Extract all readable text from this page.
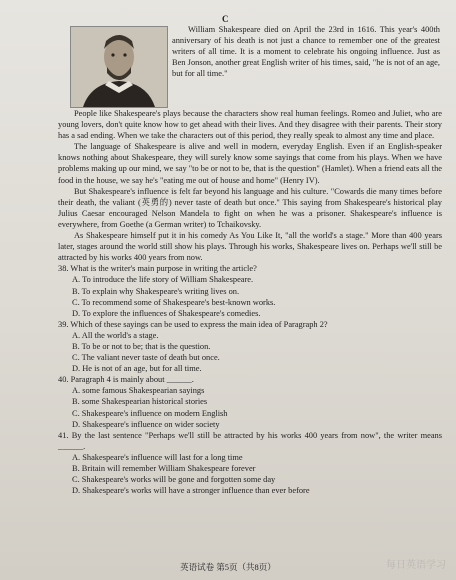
C

William Shakespeare died on April the 23rd in 1616. This year's 400th anniversary of his death is not just a chance to remember one of the greatest writers of all time. It is a moment to celebrate his ongoing influence. Just as Ben Jonson, another great English writer of his times, said, "he is not of an age, but for all time."

People like Shakespeare's plays because the characters show real human feelings. Romeo and Juliet, who are young lovers, don't quite know how to get ahead with their lives. And they disagree with their parents. Their story has a sad ending. When we take the characters out of this period, they really speak to almost any time and place.

The language of Shakespeare is alive and well in modern, everyday English. Even if an English-speaker knows nothing about Shakespeare, they will surely know some sayings that come from his plays. When we have problems making up our mind, we say "to be or not to be, that is the question" (Hamlet). When a friend eats all the food in the house, we say he's "eating me out of house and home" (Henry IV).

But Shakespeare's influence is felt far beyond his language and his culture. "Cowards die many times before their death, the valiant (英勇的) never taste of death but once." This saying from Shakespeare's historical play Julius Caesar encouraged Nelson Mandela to fight on when he was a prisoner. Shakespeare's influence is everywhere, from Goethe (a German writer) to Tchaikovsky.

As Shakespeare himself put it in his comedy As You Like It, "all the world's a stage." More than 400 years later, stages around the world still show his plays. Through his works, Shakespeare lives on. Perhaps we'll still be attracted by his works 400 years from now.

38. What is the writer's main purpose in writing the article?

A. To introduce the life story of William Shakespeare.

B. To explain why Shakespeare's writing lives on.

C. To recommend some of Shakespeare's best-known works.

D. To explore the influences of Shakespeare's comedies.

39. Which of these sayings can be used to express the main idea of Paragraph 2?

A. All the world's a stage.

B. To be or not to be; that is the question.

C. The valiant never taste of death but once.

D. He is not of an age, but for all time.

40. Paragraph 4 is mainly about ______.

A. some famous Shakespearian sayings

B. some Shakespearian historical stories

C. Shakespeare's influence on modern English

D. Shakespeare's influence on wider society

41. By the last sentence "Perhaps we'll still be attracted by his works 400 years from now", the writer means ______.

A. Shakespeare's influence will last for a long time

B. Britain will remember William Shakespeare forever

C. Shakespeare's works will be gone and forgotten some day

D. Shakespeare's works will have a stronger influence than ever before

英语试卷 第5页（共8页）	每日英语学习
